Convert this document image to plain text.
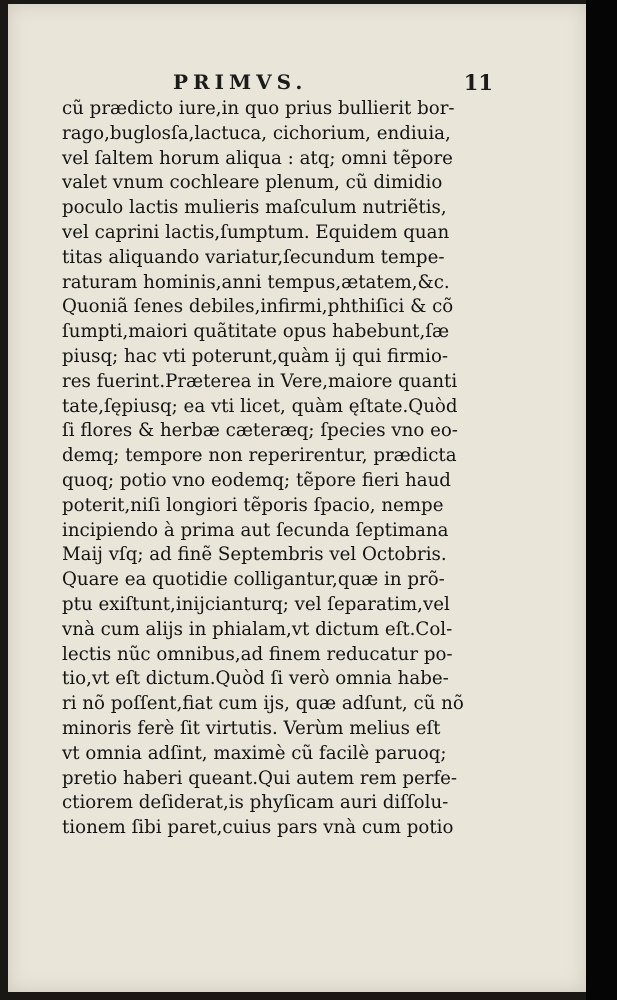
PRIMVS.	11
cũ prædicto iure,in quo prius bullierit bor-
rago,buglosſa,lactuca, cichorium, endiuia,
vel ſaltem horum aliqua : atq; omni tẽpore
valet vnum cochleare plenum, cũ dimidio
poculo lactis mulieris maſculum nutriẽtis,
vel caprini lactis,ſumptum. Equidem quan
titas aliquando variatur,ſecundum tempe-
raturam hominis,anni tempus,ætatem,&c.
Quoniã ſenes debiles,infirmi,phthiſici & cõ
ſumpti,maiori quãtitate opus habebunt,ſæ
piusq; hac vti poterunt,quàm ij qui firmio-
res fuerint.Præterea in Vere,maiore quanti
tate,ſępiusq; ea vti licet, quàm ęſtate.Quòd
ſi flores & herbæ cæteræq; ſpecies vno eo-
demq; tempore non reperirentur, prædicta
quoq; potio vno eodemq; tẽpore fieri haud
poterit,niſi longiori tẽporis ſpacio, nempe
incipiendo à prima aut ſecunda ſeptimana
Maij vſq; ad finẽ Septembris vel Octobris.
Quare ea quotidie colligantur,quæ in prõ-
ptu exiſtunt,inijcianturq; vel ſeparatim,vel
vnà cum alijs in phialam,vt dictum eſt.Col-
lectis nũc omnibus,ad finem reducatur po-
tio,vt eſt dictum.Quòd ſi verò omnia habe-
ri nõ poſſent,fiat cum ijs, quæ adſunt, cũ nõ
minoris ferè ſit virtutis. Verùm melius eſt
vt omnia adſint, maximè cũ facilè paruoq;
pretio haberi queant.Qui autem rem perfe-
ctiorem deſiderat,is phyſicam auri diſſolu-
tionem ſibi paret,cuius pars vnà cum potio
